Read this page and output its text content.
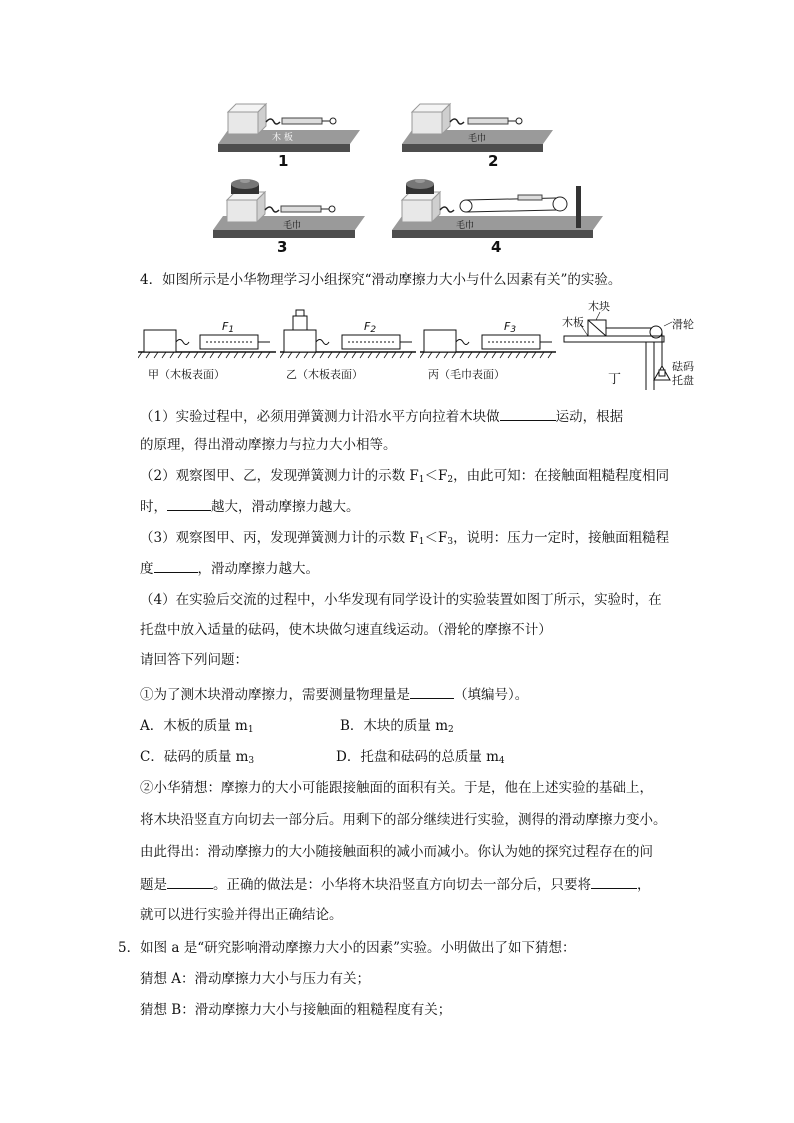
木 板
1
毛巾
2
毛巾
3
毛巾
4
4．如图所示是小华物理学习小组探究“滑动摩擦力大小与什么因素有关”的实验。
$F_1$
甲（木板表面）
$F_2$
乙（木板表面）
$F_3$
丙（毛巾表面）
木块
木板	滑轮
砝码
托盘
丁
（1）实验过程中，必须用弹簧测力计沿水平方向拉着木块做	运动，根据
的原理，得出滑动摩擦力与拉力大小相等。
（2）观察图甲、乙，发现弹簧测力计的示数 $F_1<F_2$，由此可知：在接触面粗糙程度相同
时，	越大，滑动摩擦力越大。
（3）观察图甲、丙，发现弹簧测力计的示数 $F_1<F_3$，说明：压力一定时，接触面粗糙程
度	，滑动摩擦力越大。
（4）在实验后交流的过程中，小华发现有同学设计的实验装置如图丁所示，实验时，在
托盘中放入适量的砝码，使木块做匀速直线运动。（滑轮的摩擦不计）
请回答下列问题：
①为了测木块滑动摩擦力，需要测量物理量是	（填编号）。
A．木板的质量 $m_1$	B．木块的质量 $m_2$
C．砝码的质量 $m_3$	D．托盘和砝码的总质量 $m_4$
②小华猜想：摩擦力的大小可能跟接触面的面积有关。于是，他在上述实验的基础上，
将木块沿竖直方向切去一部分后。用剩下的部分继续进行实验，测得的滑动摩擦力变小。
由此得出：滑动摩擦力的大小随接触面积的减小而减小。你认为她的探究过程存在的问
题是	。正确的做法是：小华将木块沿竖直方向切去一部分后，只要将	，
就可以进行实验并得出正确结论。
5．如图 a 是“研究影响滑动摩擦力大小的因素”实验。小明做出了如下猜想：
猜想 A：滑动摩擦力大小与压力有关；
猜想 B：滑动摩擦力大小与接触面的粗糙程度有关；
